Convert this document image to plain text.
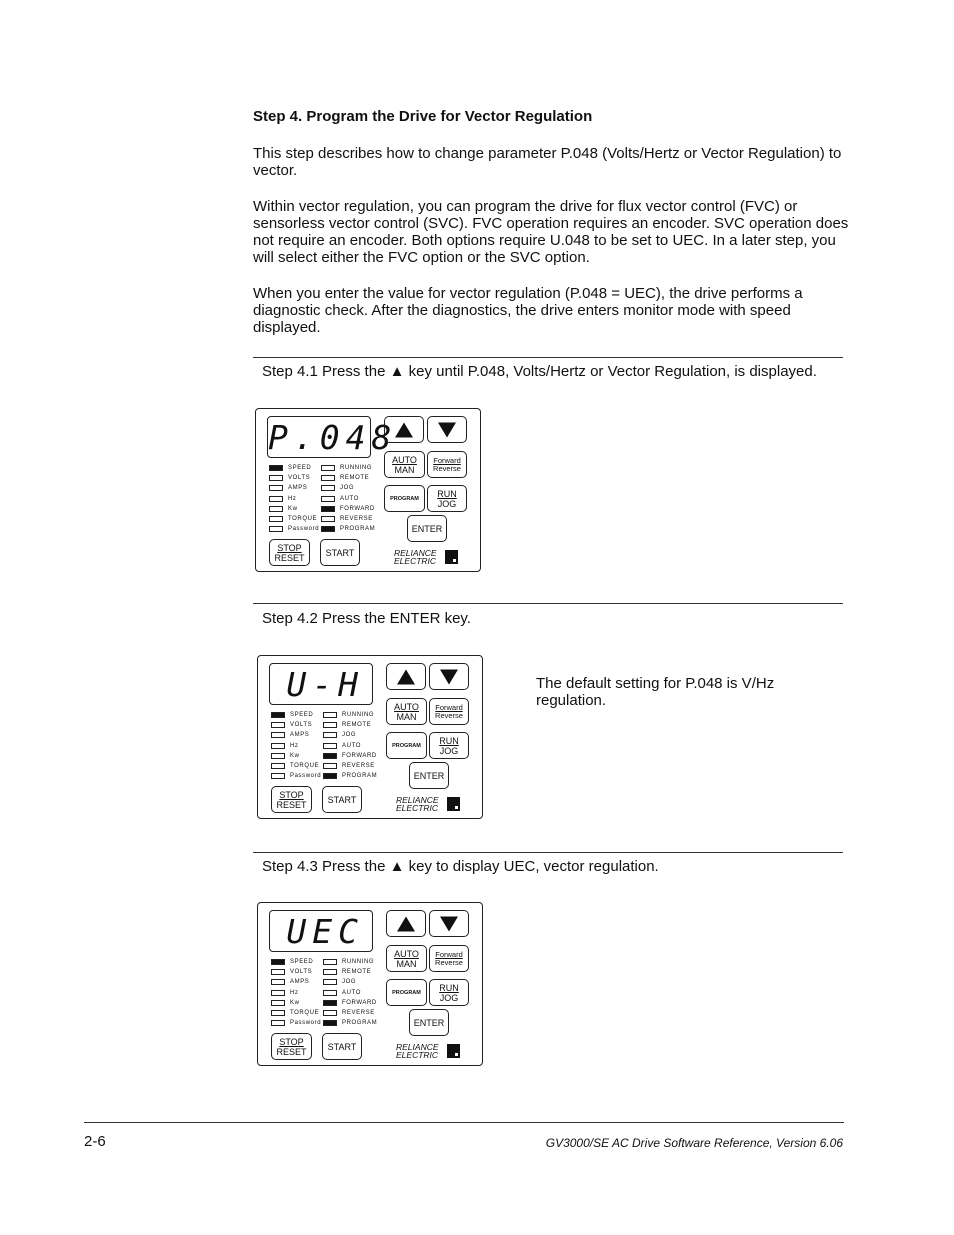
Step 4. Program the Drive for Vector Regulation
This step describes how to change parameter P.048 (Volts/Hertz or Vector Regulation) to vector.
Within vector regulation, you can program the drive for flux vector control (FVC) or sensorless vector control (SVC). FVC operation requires an encoder. SVC operation does not require an encoder. Both options require U.048 to be set to UEC. In a later step, you will select either the FVC option or the SVC option.
When you enter the value for vector regulation (P.048 = UEC), the drive performs a diagnostic check. After the diagnostics, the drive enters monitor mode with speed displayed.
Step 4.1 Press the ▲ key until P.048, Volts/Hertz or Vector Regulation, is displayed.
P.048
SPEED
VOLTS
AMPS
Hz
Kw
TORQUE
Password
RUNNING
REMOTE
JOG
AUTO
FORWARD
REVERSE
PROGRAM
AUTO
MAN
Forward
Reverse
PROGRAM RUN
JOG
ENTER
STOP
RESET START	RELIANCE
ELECTRIC
Step 4.2 Press the ENTER key.
U-H
SPEED
VOLTS
AMPS
Hz
Kw
TORQUE
Password
RUNNING
REMOTE
JOG
AUTO
FORWARD
REVERSE
PROGRAM
AUTO
MAN
Forward
Reverse
PROGRAM RUN
JOG
ENTER
STOP
RESET START	RELIANCE
ELECTRIC
The default setting for P.048 is V/Hz regulation.
Step 4.3 Press the ▲ key to display UEC, vector regulation.
UEC
SPEED
VOLTS
AMPS
Hz
Kw
TORQUE
Password
RUNNING
REMOTE
JOG
AUTO
FORWARD
REVERSE
PROGRAM
AUTO
MAN
Forward
Reverse
PROGRAM RUN
JOG
ENTER
STOP
RESET START	RELIANCE
ELECTRIC
2-6	GV3000/SE AC Drive Software Reference, Version 6.06
